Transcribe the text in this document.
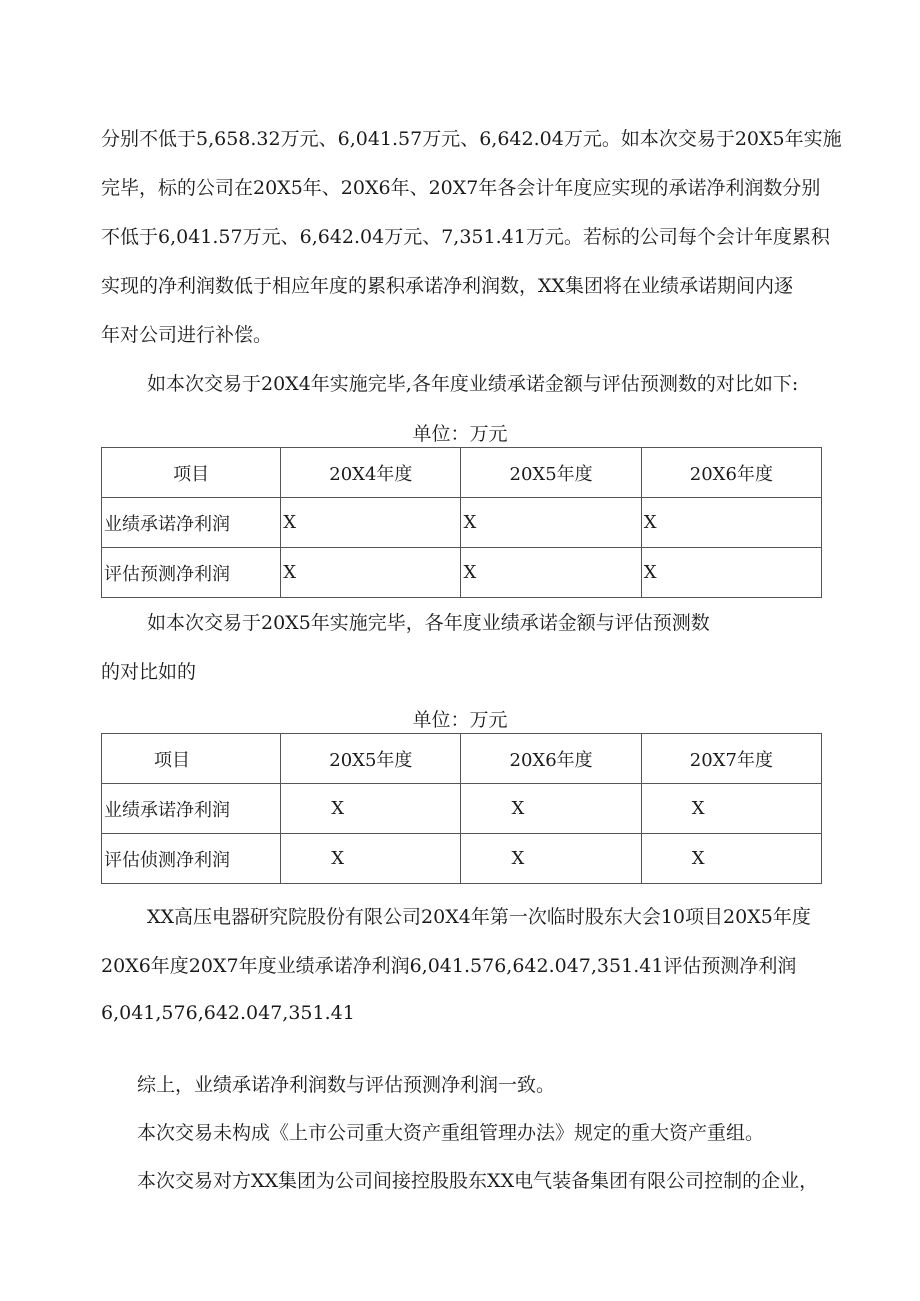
分别不低于5,658.32万元、6,041.57万元、6,642.04万元。如本次交易于20X5年实施
完毕，标的公司在20X5年、20X6年、20X7年各会计年度应实现的承诺净利润数分别
不低于6,041.57万元、6,642.04万元、7,351.41万元。若标的公司每个会计年度累积
实现的净利润数低于相应年度的累积承诺净利润数，XX集团将在业绩承诺期间内逐
年对公司进行补偿。
如本次交易于20X4年实施完毕,各年度业绩承诺金额与评估预测数的对比如下:
单位：万元
项目	20X4年度	20X5年度	20X6年度
业绩承诺净利润	X	X	X
评估预测净利润	X	X	X
如本次交易于20X5年实施完毕，各年度业绩承诺金额与评估预测数
的对比如的
单位：万元
项目	20X5年度	20X6年度	20X7年度
业绩承诺净利润	X	X	X
评估侦测净利润	X	X	X
XX高压电器研究院股份有限公司20X4年第一次临时股东大会10项目20X5年度
20X6年度20X7年度业绩承诺净利润6,041.576,642.047,351.41评估预测净利润
6,041,576,642.047,351.41
综上，业绩承诺净利润数与评估预测净利润一致。
本次交易未构成《上市公司重大资产重组管理办法》规定的重大资产重组。
本次交易对方XX集团为公司间接控股股东XX电气装备集团有限公司控制的企业，
